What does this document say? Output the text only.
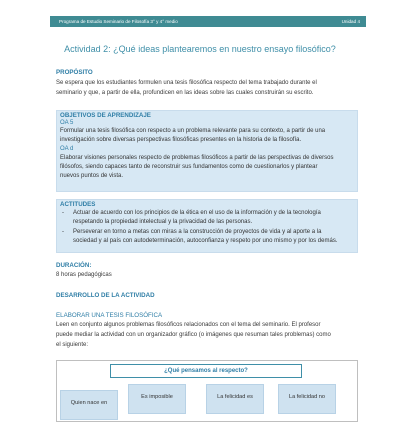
Programa de Estudio Seminario de Filosofía 3° y 4° medio	Unidad 4
Actividad 2: ¿Qué ideas plantearemos en nuestro ensayo filosófico?
PROPÓSITO
Se espera que los estudiantes formulen una tesis filosófica respecto del tema trabajado durante el
seminario y que, a partir de ella, profundicen en las ideas sobre las cuales construirán su escrito.
OBJETIVOS DE APRENDIZAJE
OA 5
Formular una tesis filosófica con respecto a un problema relevante para su contexto, a partir de una
investigación sobre diversas perspectivas filosóficas presentes en la historia de la filosofía.
OA d
Elaborar visiones personales respecto de problemas filosóficos a partir de las perspectivas de diversos
filósofos, siendo capaces tanto de reconstruir sus fundamentos como de cuestionarlos y plantear
nuevos puntos de vista.
ACTITUDES
- Actuar de acuerdo con los principios de la ética en el uso de la información y de la tecnología
respetando la propiedad intelectual y la privacidad de las personas.
- Perseverar en torno a metas con miras a la construcción de proyectos de vida y al aporte a la
sociedad y al país con autodeterminación, autoconfianza y respeto por uno mismo y por los demás.
DURACIÓN:
8 horas pedagógicas
DESARROLLO DE LA ACTIVIDAD
ELABORAR UNA TESIS FILOSÓFICA
Leen en conjunto algunos problemas filosóficos relacionados con el tema del seminario. El profesor
puede mediar la actividad con un organizador gráfico (o imágenes que resuman tales problemas) como
el siguiente:
¿Qué pensamos al respecto?
Quien nace en
Es imposible	La felicidad es	La felicidad no
